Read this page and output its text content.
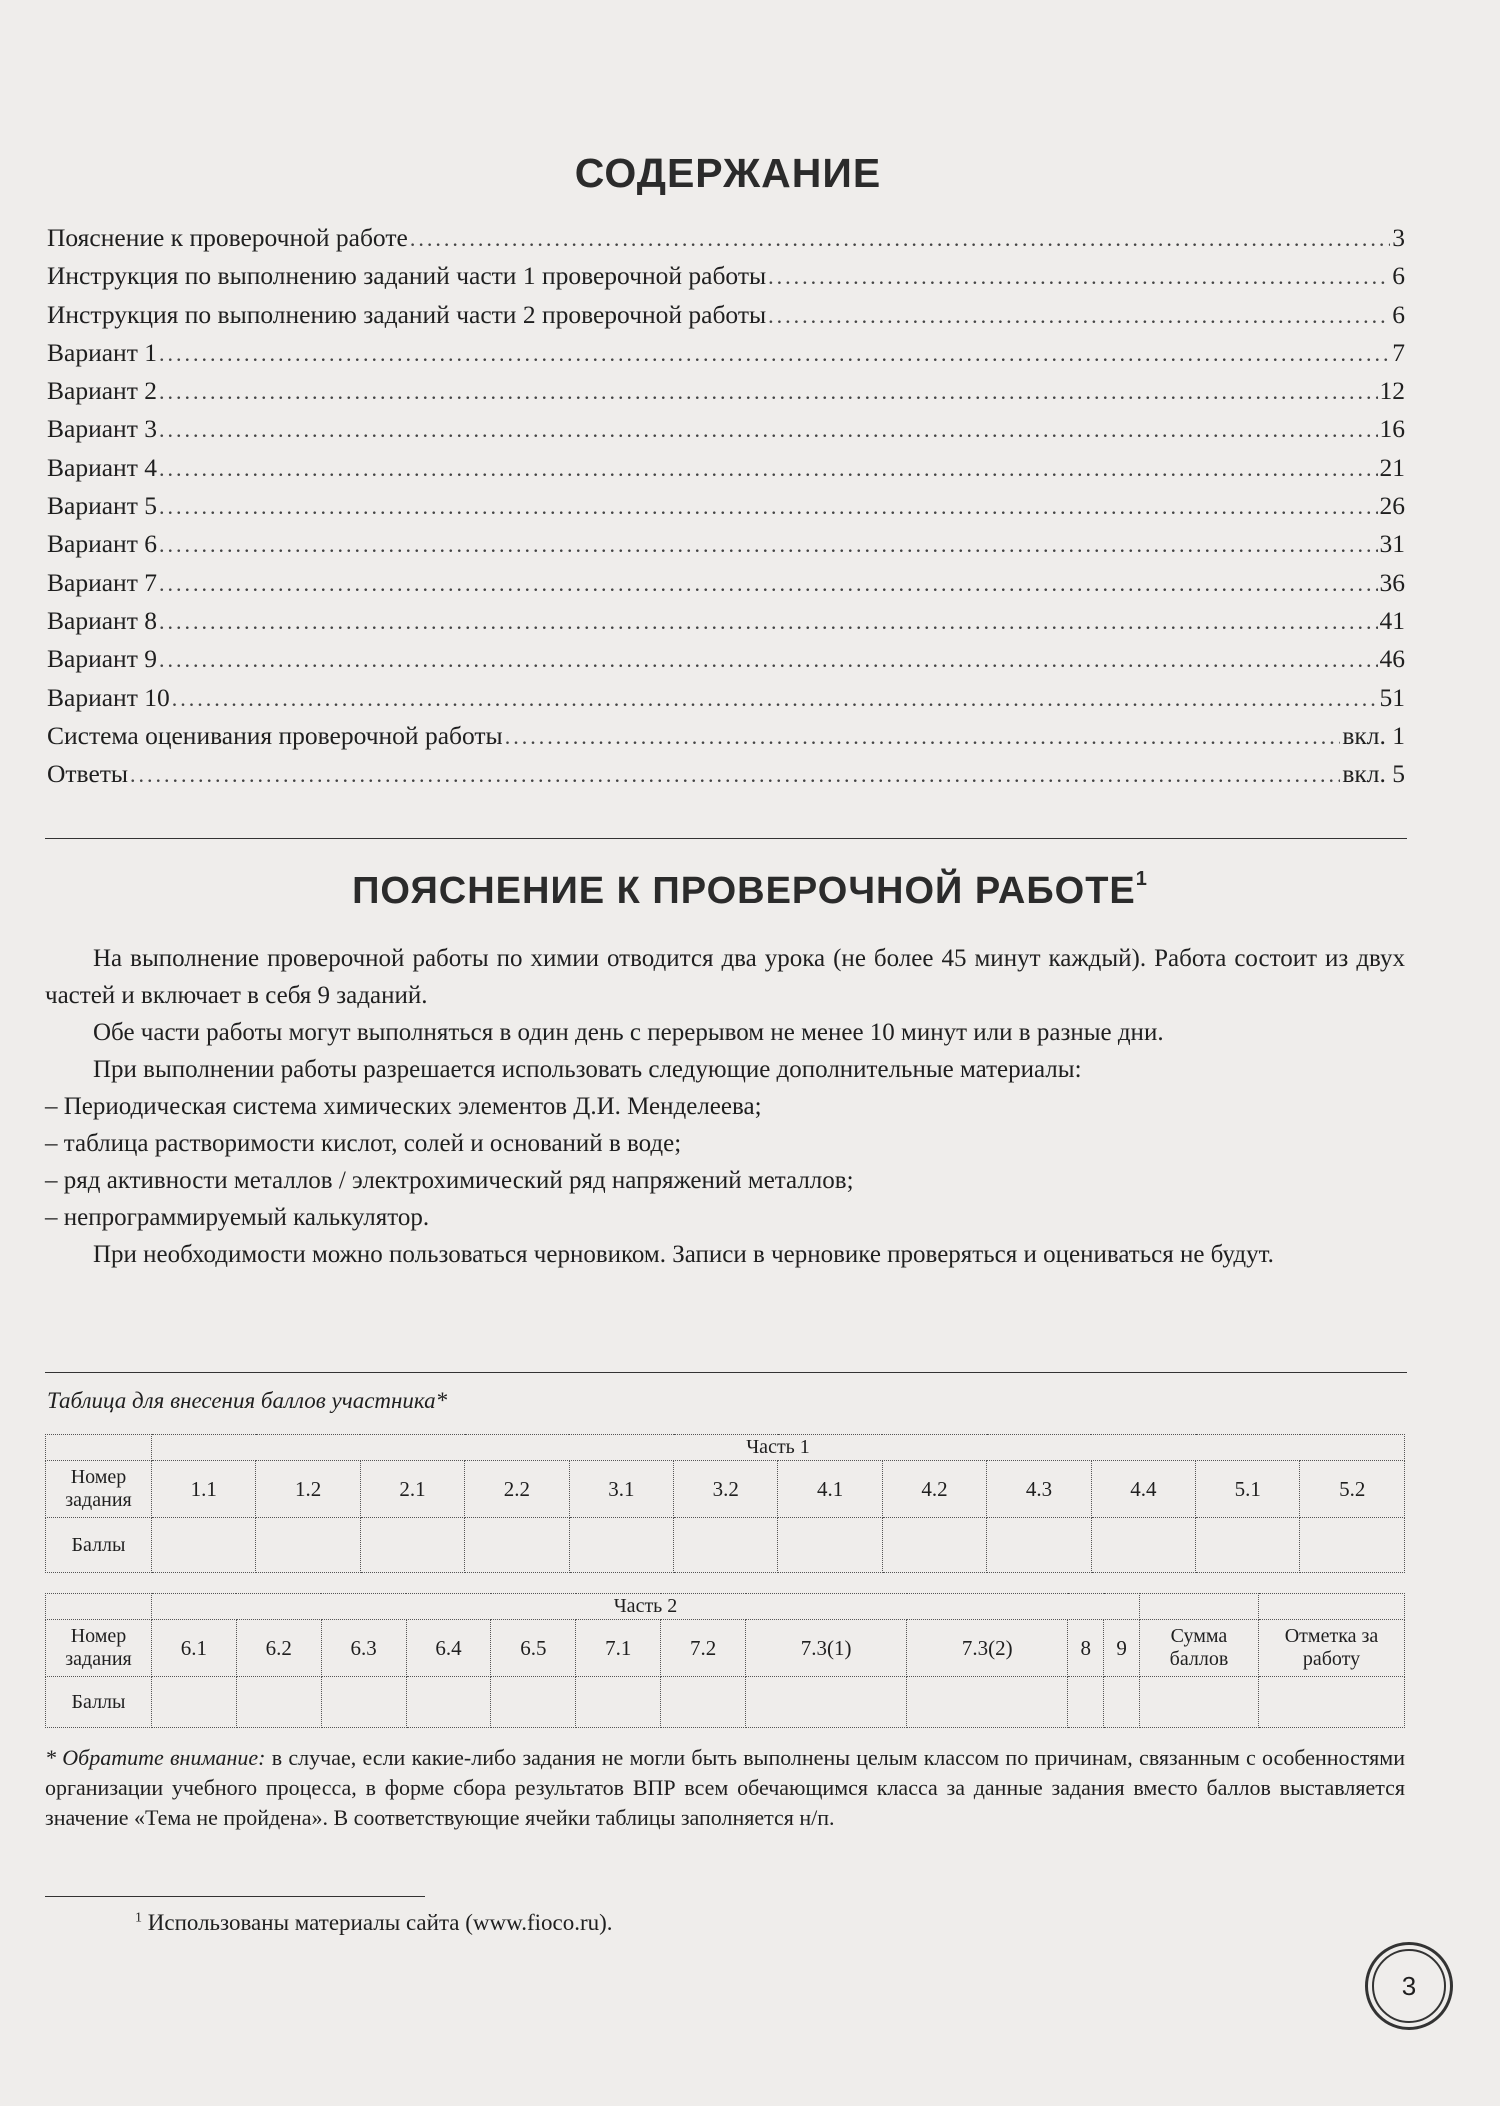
СОДЕРЖАНИЕ
Пояснение к проверочной работе .....	3
Инструкция по выполнению заданий части 1 проверочной работы .....	6
Инструкция по выполнению заданий части 2 проверочной работы .....	6
Вариант 1 .....	7
Вариант 2 .....	12
Вариант 3 .....	16
Вариант 4 .....	21
Вариант 5 .....	26
Вариант 6 .....	31
Вариант 7 .....	36
Вариант 8 .....	41
Вариант 9 .....	46
Вариант 10 .....	51
Система оценивания проверочной работы .....	вкл. 1
Ответы .....	вкл. 5
ПОЯСНЕНИЕ К ПРОВЕРОЧНОЙ РАБОТЕ$^1$

На выполнение проверочной работы по химии отводится два урока (не более 45 минут каждый). Работа состоит из двух частей и включает в себя 9 заданий.

Обе части работы могут выполняться в один день с перерывом не менее 10 минут или в разные дни.

При выполнении работы разрешается использовать следующие дополнительные материалы:

– Периодическая система химических элементов Д.И. Менделеева;

– таблица растворимости кислот, солей и оснований в воде;

– ряд активности металлов / электрохимический ряд напряжений металлов;

– непрограммируемый калькулятор.

При необходимости можно пользоваться черновиком. Записи в черновике проверяться и оцениваться не будут.

Таблица для внесения баллов участника*
	Часть 1											
Номер задания	1.1	1.2	2.1	2.2	3.1	3.2	4.1	4.2	4.3	4.4	5.1	5.2
Баллы												
	Часть 2												
Номер задания	6.1	6.2	6.3	6.4	6.5	7.1	7.2	7.3(1)	7.3(2)	8	9	Сумма баллов	Отметка за работу
Баллы													
* Обратите внимание: в случае, если какие-либо задания не могли быть выполнены целым классом по причинам, связанным с особенностями организации учебного процесса, в форме сбора результатов ВПР всем обечающимся класса за данные задания вместо баллов выставляется значение «Тема не пройдена». В соответствующие ячейки таблицы заполняется н/п.
$^1$ Использованы материалы сайта (www.fioco.ru).
3
